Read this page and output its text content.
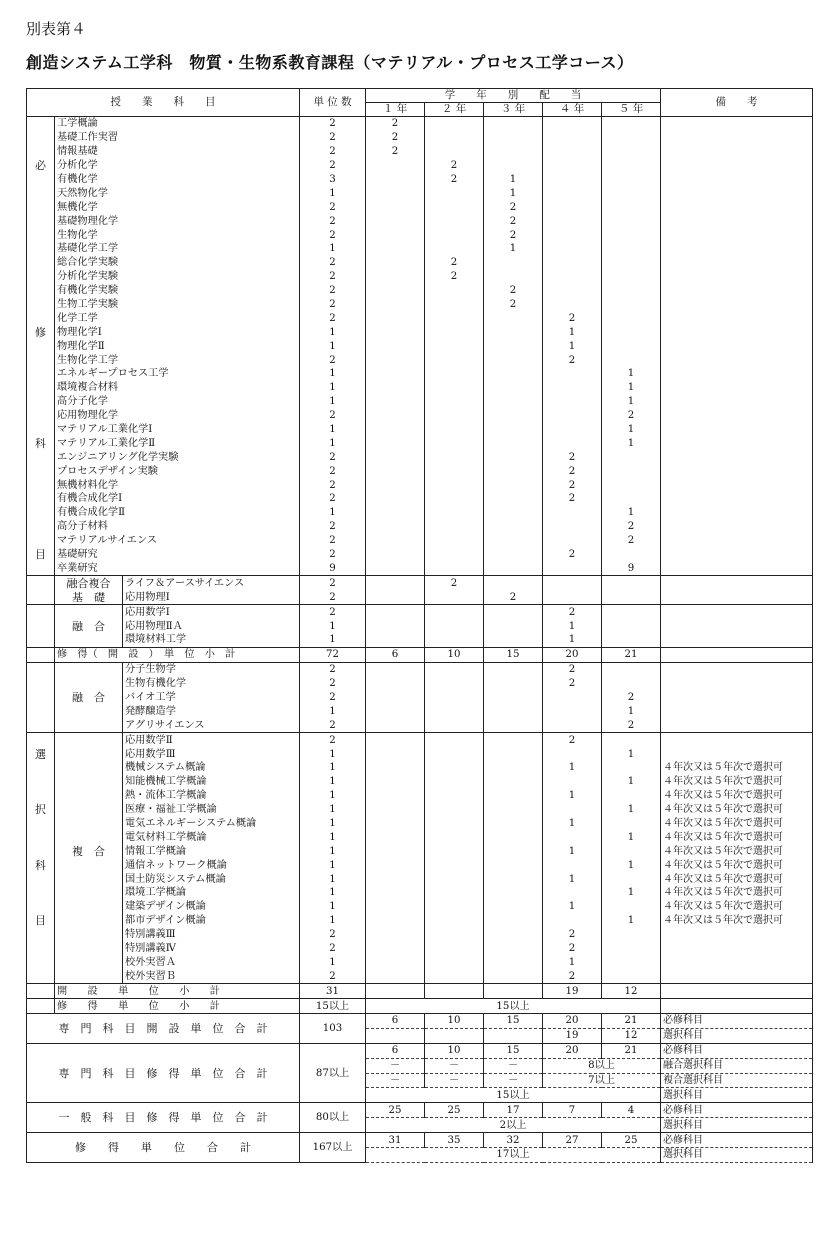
別表第４
創造システム工学科　物質・生物系教育課程（マテリアル・プロセス工学コース）
授　　業　　科　　目			単 位 数	学　　年　　別　　配　　当					備　　考
				１ 年	２ 年	３ 年	４ 年	５ 年	
	工学概論		2	2					
	基礎工作実習		2	2					
	情報基礎		2	2					
必	分析化学		2		2				
	有機化学		3		2	1			
	天然物化学		1			1			
	無機化学		2			2			
	基礎物理化学		2			2			
	生物化学		2			2			
	基礎化学工学		1			1			
	総合化学実験		2		2				
	分析化学実験		2		2				
	有機化学実験		2			2			
	生物工学実験		2			2			
	化学工学		2				2		
修	物理化学Ⅰ		1				1		
	物理化学Ⅱ		1				1		
	生物化学工学		2				2		
	エネルギープロセス工学		1					1	
	環境複合材料		1					1	
	高分子化学		1					1	
	応用物理化学		2					2	
	マテリアル工業化学Ⅰ		1					1	
科	マテリアル工業化学Ⅱ		1					1	
	エンジニアリング化学実験		2				2		
	プロセスデザイン実験		2				2		
	無機材料化学		2				2		
	有機合成化学Ⅰ		2				2		
	有機合成化学Ⅱ		1					1	
	高分子材料		2					2	
	マテリアルサイエンス		2					2	
目	基礎研究		2				2		
	卒業研究		9					9	
	融合複合	ライフ＆アースサイエンス	2		2				
	基　礎	応用物理Ⅰ	2			2			
		応用数学Ⅰ	2				2		
	融　合	応用物理ⅡＡ	1				1		
		環境材料工学	1				1		
	修　得（　開　設　）　単　位　小　計		72	6	10	15	20	21	
		分子生物学	2				2		
		生物有機化学	2				2		
	融　合	バイオ工学	2					2	
		発酵醸造学	1					1	
		アグリサイエンス	2					2	
		応用数学Ⅱ	2				2		
選		応用数学Ⅲ	1					1	
		機械システム概論	1				1		４年次又は５年次で選択可
		知能機械工学概論	1					1	４年次又は５年次で選択可
		熱・流体工学概論	1				1		４年次又は５年次で選択可
択		医療・福祉工学概論	1					1	４年次又は５年次で選択可
		電気エネルギーシステム概論	1				1		４年次又は５年次で選択可
		電気材料工学概論	1					1	４年次又は５年次で選択可
	複　合	情報工学概論	1				1		４年次又は５年次で選択可
科		通信ネットワーク概論	1					1	４年次又は５年次で選択可
		国土防災システム概論	1				1		４年次又は５年次で選択可
		環境工学概論	1					1	４年次又は５年次で選択可
		建築デザイン概論	1				1		４年次又は５年次で選択可
目		都市デザイン概論	1					1	４年次又は５年次で選択可
		特別講義Ⅲ	2				2		
		特別講義Ⅳ	2				2		
		校外実習Ａ	1				1		
		校外実習Ｂ	2				2		
	開　　設　　単　　位　　小　　計		31				19	12	
	修　　得　　単　　位　　小　　計		15以上	15以上					
専　門　科　目　開　設　単　位　合　計			103	6	10	15	20	21	必修科目
							19	12	選択科目
専　門　科　目　修　得　単　位　合　計			87以上	6	10	15	20	21	必修科目
				－	－	－	8以上		融合選択科目
				－	－	－	7以上		複合選択科目
				15以上					選択科目
一　般　科　目　修　得　単　位　合　計			80以上	25	25	17	7	4	必修科目
				2以上					選択科目
修　　得　　単　　位　　合　　計			167以上	31	35	32	27	25	必修科目
				17以上					選択科目
